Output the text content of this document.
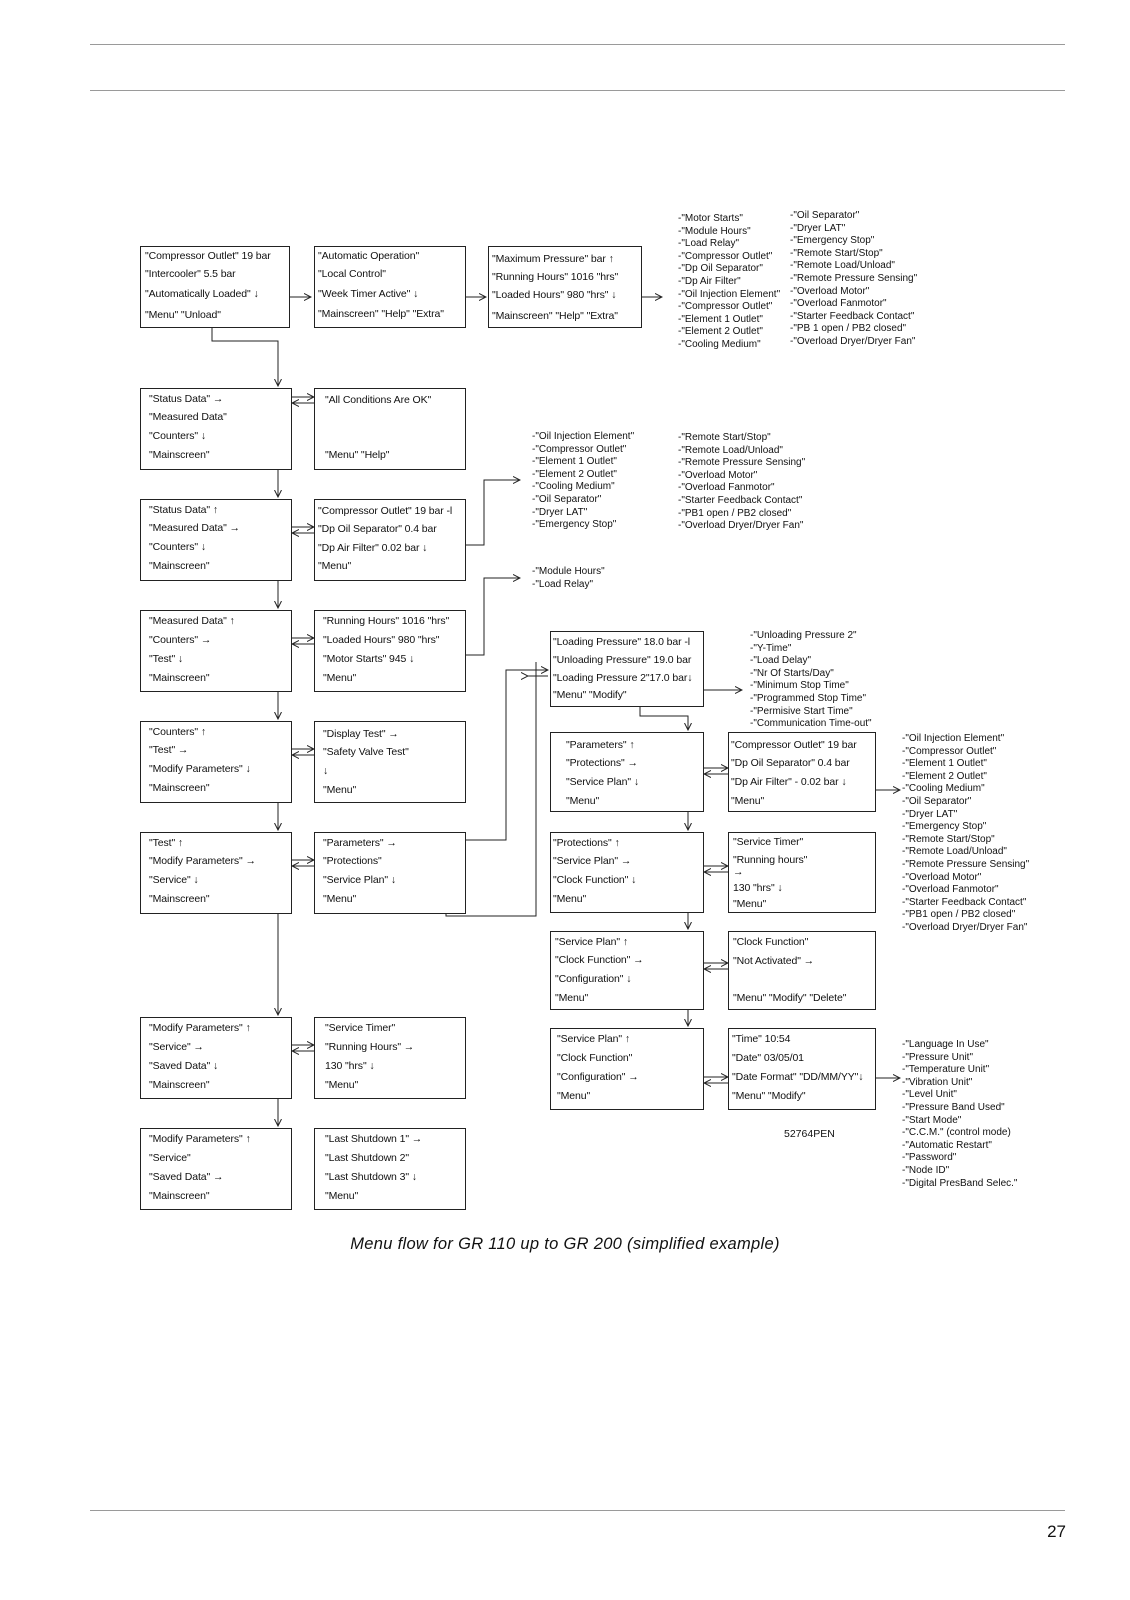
"Compressor Outlet" 19 bar
"Intercooler" 5.5 bar
"Automatically Loaded" ↓
"Menu" "Unload"
"Automatic Operation"
"Local Control"
"Week Timer Active" ↓
"Mainscreen" "Help" "Extra"
"Maximum Pressure" bar ↑
"Running Hours" 1016 "hrs"
"Loaded Hours" 980 "hrs" ↓
"Mainscreen" "Help" "Extra"
"Status Data" →
"Measured Data"
"Counters" ↓
"Mainscreen"
"All Conditions Are OK"
"Menu" "Help"
"Status Data" ↑
"Measured Data" →
"Counters" ↓
"Mainscreen"
"Compressor Outlet" 19 bar -l
"Dp Oil Separator" 0.4 bar
"Dp Air Filter" 0.02 bar ↓
"Menu"
"Measured Data" ↑
"Counters" →
"Test" ↓
"Mainscreen"
"Running Hours" 1016 "hrs"
"Loaded Hours" 980 "hrs"
"Motor Starts" 945 ↓
"Menu"
"Counters" ↑
"Test" →
"Modify Parameters" ↓
"Mainscreen"
"Display Test" →
"Safety Valve Test"
↓
"Menu"
"Test" ↑
"Modify Parameters" →
"Service" ↓
"Mainscreen"
"Parameters" →
"Protections"
"Service Plan" ↓
"Menu"
"Modify Parameters" ↑
"Service" →
"Saved Data" ↓
"Mainscreen"
"Service Timer"
"Running Hours" →
130 "hrs" ↓
"Menu"
"Modify Parameters" ↑
"Service"
"Saved Data" →
"Mainscreen"
"Last Shutdown 1" →
"Last Shutdown 2"
"Last Shutdown 3" ↓
"Menu"
"Loading Pressure" 18.0 bar -l
"Unloading Pressure" 19.0 bar
"Loading Pressure 2"17.0 bar↓
"Menu" "Modify"
"Parameters" ↑
"Protections" →
"Service Plan" ↓
"Menu"
"Compressor Outlet" 19 bar
"Dp Oil Separator" 0.4 bar
"Dp Air Filter" - 0.02 bar ↓
"Menu"
"Protections" ↑
"Service Plan" →
"Clock Function" ↓
"Menu"
"Service Timer"
"Running hours"
→
130 "hrs" ↓
"Menu"
"Service Plan" ↑
"Clock Function" →
"Configuration" ↓
"Menu"
"Clock Function"
"Not Activated" →
"Menu" "Modify" "Delete"
"Service Plan" ↑
"Clock Function"
"Configuration" →
"Menu"
"Time" 10:54
"Date" 03/05/01
"Date Format" "DD/MM/YY"↓
"Menu" "Modify"
-"Motor Starts"
-"Module Hours"
-"Load Relay"
-"Compressor Outlet"
-"Dp Oil Separator"
-"Dp Air Filter"
-"Oil Injection Element"
-"Compressor Outlet"
-"Element 1 Outlet"
-"Element 2 Outlet"
-"Cooling Medium"
-"Oil Separator"
-"Dryer LAT"
-"Emergency Stop"
-"Remote Start/Stop"
-"Remote Load/Unload"
-"Remote Pressure Sensing"
-"Overload Motor"
-"Overload Fanmotor"
-"Starter Feedback Contact"
-"PB 1 open / PB2 closed"
-"Overload Dryer/Dryer Fan"
-"Oil Injection Element"
-"Compressor Outlet"
-"Element 1 Outlet"
-"Element 2 Outlet"
-"Cooling Medium"
-"Oil Separator"
-"Dryer LAT"
-"Emergency Stop"
-"Remote Start/Stop"
-"Remote Load/Unload"
-"Remote Pressure Sensing"
-"Overload Motor"
-"Overload Fanmotor"
-"Starter Feedback Contact"
-"PB1 open / PB2 closed"
-"Overload Dryer/Dryer Fan"
-"Module Hours"
-"Load Relay"
-"Unloading Pressure 2"
-"Y-Time"
-"Load Delay"
-"Nr Of Starts/Day"
-"Minimum Stop Time"
-"Programmed Stop Time"
-"Permisive Start Time"
-"Communication Time-out"
-"Oil Injection Element"
-"Compressor Outlet"
-"Element 1 Outlet"
-"Element 2 Outlet"
-"Cooling Medium"
-"Oil Separator"
-"Dryer LAT"
-"Emergency Stop"
-"Remote Start/Stop"
-"Remote Load/Unload"
-"Remote Pressure Sensing"
-"Overload Motor"
-"Overload Fanmotor"
-"Starter Feedback Contact"
-"PB1 open / PB2 closed"
-"Overload Dryer/Dryer Fan"
-"Language In Use"
-"Pressure Unit"
-"Temperature Unit"
-"Vibration Unit"
-"Level Unit"
-"Pressure Band Used"
-"Start Mode"
-"C.C.M." (control mode)
-"Automatic Restart"
-"Password"
-"Node ID"
-"Digital PresBand Selec."
52764PEN
Menu flow for GR 110 up to GR 200 (simplified example)
27
